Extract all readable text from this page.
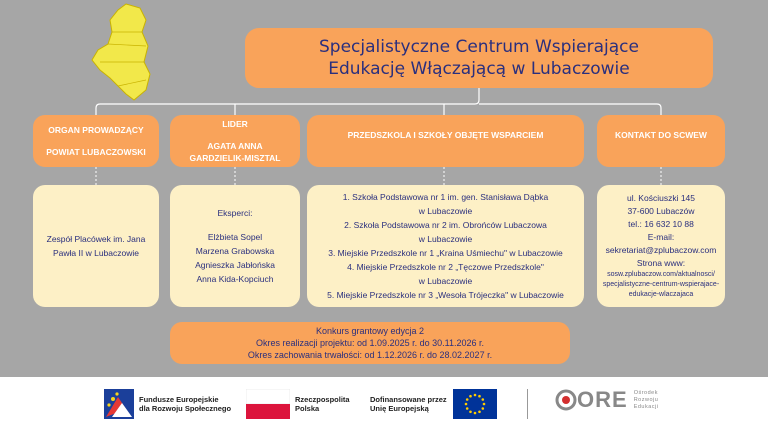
Specjalistyczne Centrum Wspierające
Edukację Włączającą w Lubaczowie
ORGAN PROWADZĄCY
POWIAT LUBACZOWSKI
LIDER
AGATA ANNA
GARDZIELIK-MISZTAL
PRZEDSZKOLA I SZKOŁY OBJĘTE WSPARCIEM	KONTAKT DO SCWEW
Zespół Placówek im. Jana
Pawła II w Lubaczowie
Eksperci:
Elżbieta Sopel
Marzena Grabowska
Agnieszka Jabłońska
Anna Kida-Kopciuch
1. Szkoła Podstawowa nr 1 im. gen. Stanisława Dąbka
w Lubaczowie
2. Szkoła Podstawowa nr 2 im. Obrońców Lubaczowa
w Lubaczowie
3. Miejskie Przedszkole nr 1 „Kraina Uśmiechu" w Lubaczowie
4. Miejskie Przedszkole nr 2 „Tęczowe Przedszkole"
w Lubaczowie
5. Miejskie Przedszkole nr 3 „Wesoła Trójeczka" w Lubaczowie
ul. Kościuszki 145
37-600 Lubaczów
tel.: 16 632 10 88
E-mail:
sekretariat@zplubaczow.com
Strona www:
sosw.zplubaczow.com/aktualnosci/
specjalistyczne-centrum-wspierajace-
edukacje-wlaczajaca
Konkurs grantowy edycja 2
Okres realizacji projektu: od 1.09.2025 r. do 30.11.2026 r.
Okres zachowania trwałości: od 1.12.2026 r. do 28.02.2027 r.
Fundusze Europejskie
dla Rozwoju Społecznego
Rzeczpospolita
Polska
Dofinansowane przez
Unię Europejską	ORE Ośrodek
Rozwoju
Edukacji
